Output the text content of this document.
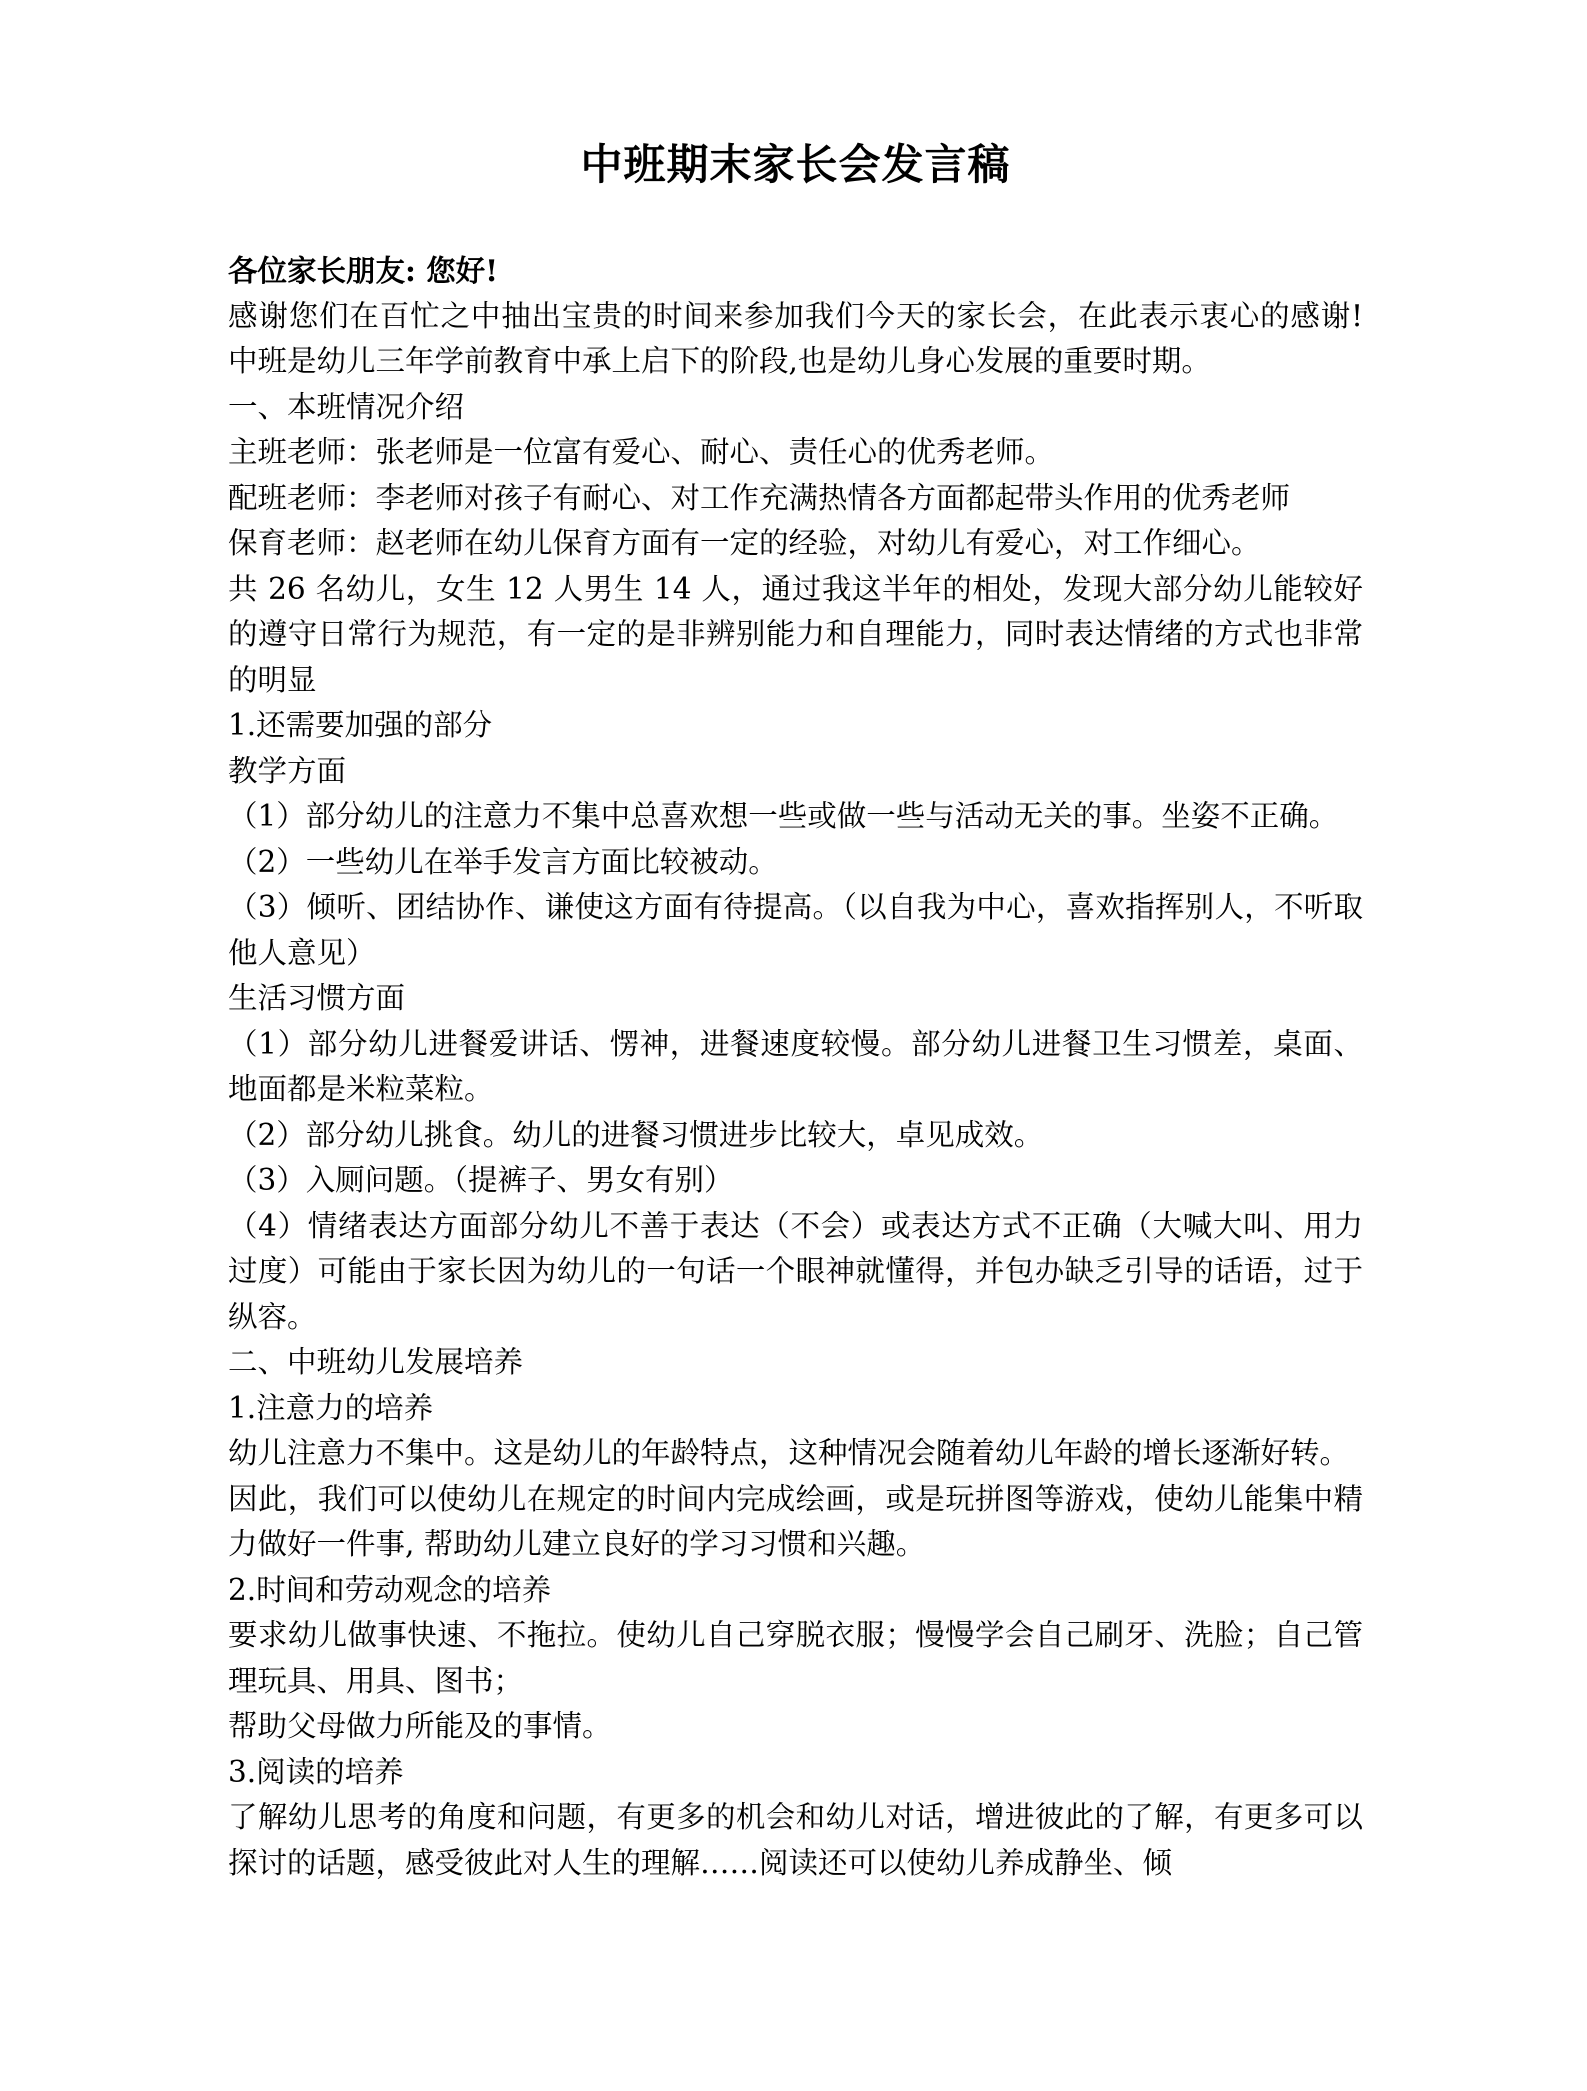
中班期末家长会发言稿

各位家长朋友: 您好!

感谢您们在百忙之中抽出宝贵的时间来参加我们今天的家长会，在此表示衷心的感谢! 中班是幼儿三年学前教育中承上启下的阶段,也是幼儿身心发展的重要时期。

一、本班情况介绍

主班老师：张老师是一位富有爱心、耐心、责任心的优秀老师。

配班老师：李老师对孩子有耐心、对工作充满热情各方面都起带头作用的优秀老师

保育老师：赵老师在幼儿保育方面有一定的经验，对幼儿有爱心，对工作细心。

共 26 名幼儿，女生 12 人男生 14 人，通过我这半年的相处，发现大部分幼儿能较好的遵守日常行为规范，有一定的是非辨别能力和自理能力，同时表达情绪的方式也非常的明显

1.还需要加强的部分

教学方面

（1）部分幼儿的注意力不集中总喜欢想一些或做一些与活动无关的事。坐姿不正确。

（2）一些幼儿在举手发言方面比较被动。

（3）倾听、团结协作、谦使这方面有待提高。（以自我为中心，喜欢指挥别人，不听取他人意见）

生活习惯方面

（1）部分幼儿进餐爱讲话、愣神，进餐速度较慢。部分幼儿进餐卫生习惯差，桌面、地面都是米粒菜粒。

（2）部分幼儿挑食。幼儿的进餐习惯进步比较大，卓见成效。

（3）入厕问题。（提裤子、男女有别）

（4）情绪表达方面部分幼儿不善于表达（不会）或表达方式不正确（大喊大叫、用力过度）可能由于家长因为幼儿的一句话一个眼神就懂得，并包办缺乏引导的话语，过于纵容。

二、中班幼儿发展培养

1.注意力的培养

幼儿注意力不集中。这是幼儿的年龄特点，这种情况会随着幼儿年龄的增长逐渐好转。

因此，我们可以使幼儿在规定的时间内完成绘画，或是玩拼图等游戏，使幼儿能集中精力做好一件事, 帮助幼儿建立良好的学习习惯和兴趣。

2.时间和劳动观念的培养

要求幼儿做事快速、不拖拉。使幼儿自己穿脱衣服；慢慢学会自己刷牙、洗脸；自己管理玩具、用具、图书；

帮助父母做力所能及的事情。

3.阅读的培养

了解幼儿思考的角度和问题，有更多的机会和幼儿对话，增进彼此的了解，有更多可以探讨的话题，感受彼此对人生的理解……阅读还可以使幼儿养成静坐、倾
